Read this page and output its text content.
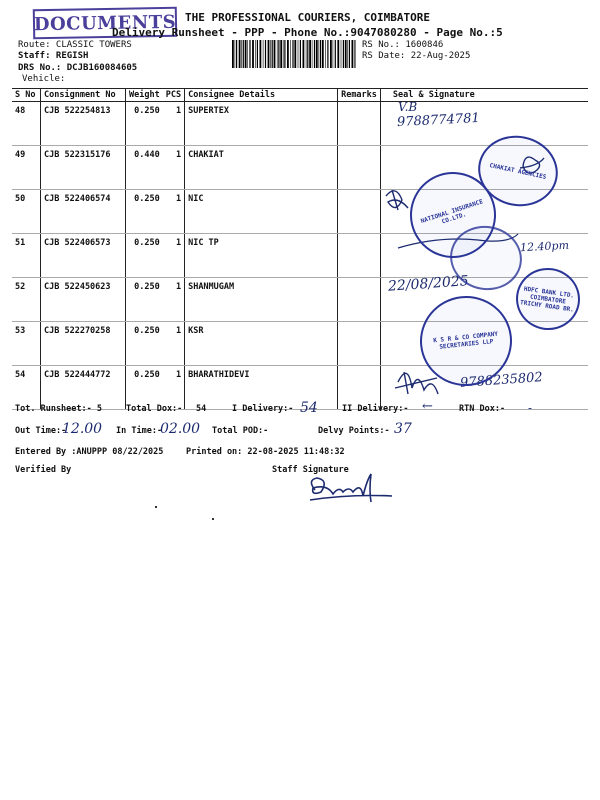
DOCUMENTS THE PROFESSIONAL COURIERS, COIMBATORE
Delivery Runsheet - PPP - Phone No.:9047080280 - Page No.:5
Route: CLASSIC TOWERS
Staff: REGISH
DRS No.: DCJB160084605
Vehicle:
RS No.: 1600846
RS Date: 22-Aug-2025
S No	Consignment No	Weight	PCS	Consignee Details	Remarks	Seal & Signature
48	CJB 522254813	0.250	1	SUPERTEX		
49	CJB 522315176	0.440	1	CHAKIAT		
50	CJB 522406574	0.250	1	NIC		
51	CJB 522406573	0.250	1	NIC TP		
52	CJB 522450623	0.250	1	SHANMUGAM		
53	CJB 522270258	0.250	1	KSR		
54	CJB 522444772	0.250	1	BHARATHIDEVI		
Tot. Runsheet:- 5	Total Dox:- 54	I Delivery:-	II Delivery:-	RTN Dox:-
Out Time:-	In Time:-	Total POD:-	Delvy Points:-
Entered By :ANUPPP 08/22/2025	Printed on: 22-08-2025 11:48:32
Verified By	Staff Signature
V.B
9788774781
12.40pm
22/08/2025
9788235802
54	←	-
12.00	02.00	37
CHAKIAT AGENCIES
NATIONAL INSURANCE CO.LTD.
HDFC BANK LTD. COIMBATORE TRICHY ROAD BR.
K S R & CO COMPANY SECRETARIES LLP
